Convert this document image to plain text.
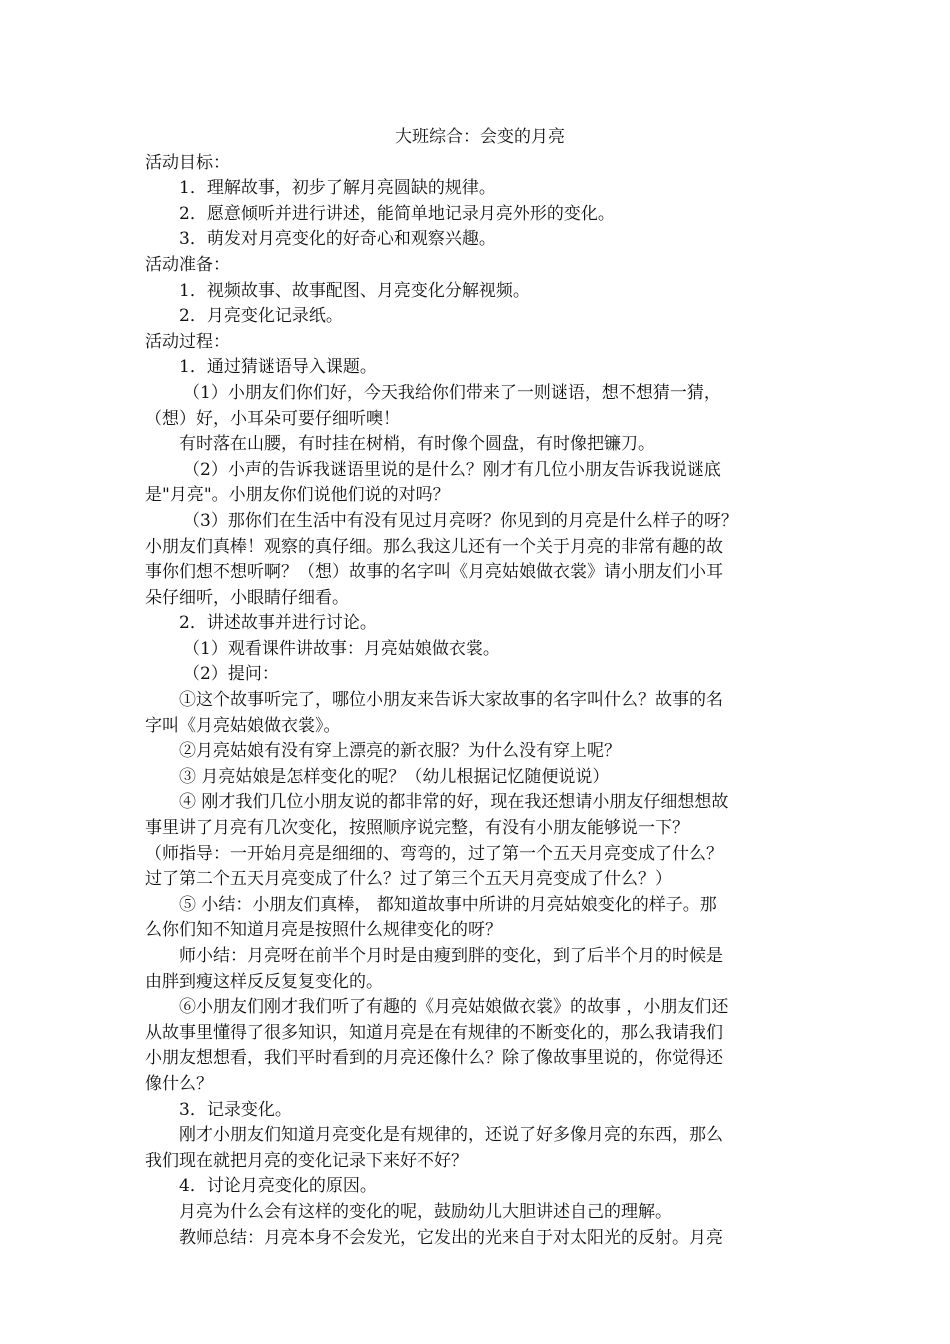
大班综合：会变的月亮
活动目标：
1．理解故事，初步了解月亮圆缺的规律。
2．愿意倾听并进行讲述，能简单地记录月亮外形的变化。
3．萌发对月亮变化的好奇心和观察兴趣。
活动准备：
1．视频故事、故事配图、月亮变化分解视频。
2．月亮变化记录纸。
活动过程：
1．通过猜谜语导入课题。
（1）小朋友们你们好，今天我给你们带来了一则谜语，想不想猜一猜，
（想）好，小耳朵可要仔细听噢！
有时落在山腰，有时挂在树梢，有时像个圆盘，有时像把镰刀。
（2）小声的告诉我谜语里说的是什么？刚才有几位小朋友告诉我说谜底
是"月亮"。小朋友你们说他们说的对吗？
（3）那你们在生活中有没有见过月亮呀？你见到的月亮是什么样子的呀？
小朋友们真棒！观察的真仔细。那么我这儿还有一个关于月亮的非常有趣的故
事你们想不想听啊？（想）故事的名字叫《月亮姑娘做衣裳》请小朋友们小耳
朵仔细听，小眼睛仔细看。
2．讲述故事并进行讨论。
（1）观看课件讲故事：月亮姑娘做衣裳。
（2）提问：
①这个故事听完了，哪位小朋友来告诉大家故事的名字叫什么？故事的名
字叫《月亮姑娘做衣裳》。
②月亮姑娘有没有穿上漂亮的新衣服？为什么没有穿上呢？
③ 月亮姑娘是怎样变化的呢？（幼儿根据记忆随便说说）
④ 刚才我们几位小朋友说的都非常的好，现在我还想请小朋友仔细想想故
事里讲了月亮有几次变化，按照顺序说完整，有没有小朋友能够说一下？
（师指导：一开始月亮是细细的、弯弯的，过了第一个五天月亮变成了什么？
过了第二个五天月亮变成了什么？过了第三个五天月亮变成了什么？）
⑤ 小结：小朋友们真棒， 都知道故事中所讲的月亮姑娘变化的样子。那
么你们知不知道月亮是按照什么规律变化的呀？
师小结：月亮呀在前半个月时是由瘦到胖的变化，到了后半个月的时候是
由胖到瘦这样反反复复变化的。
⑥小朋友们刚才我们听了有趣的《月亮姑娘做衣裳》的故事 ，小朋友们还
从故事里懂得了很多知识，知道月亮是在有规律的不断变化的，那么我请我们
小朋友想想看，我们平时看到的月亮还像什么？除了像故事里说的，你觉得还
像什么？
3．记录变化。
刚才小朋友们知道月亮变化是有规律的，还说了好多像月亮的东西，那么
我们现在就把月亮的变化记录下来好不好？
4．讨论月亮变化的原因。
月亮为什么会有这样的变化的呢，鼓励幼儿大胆讲述自己的理解。
教师总结：月亮本身不会发光，它发出的光来自于对太阳光的反射。月亮
